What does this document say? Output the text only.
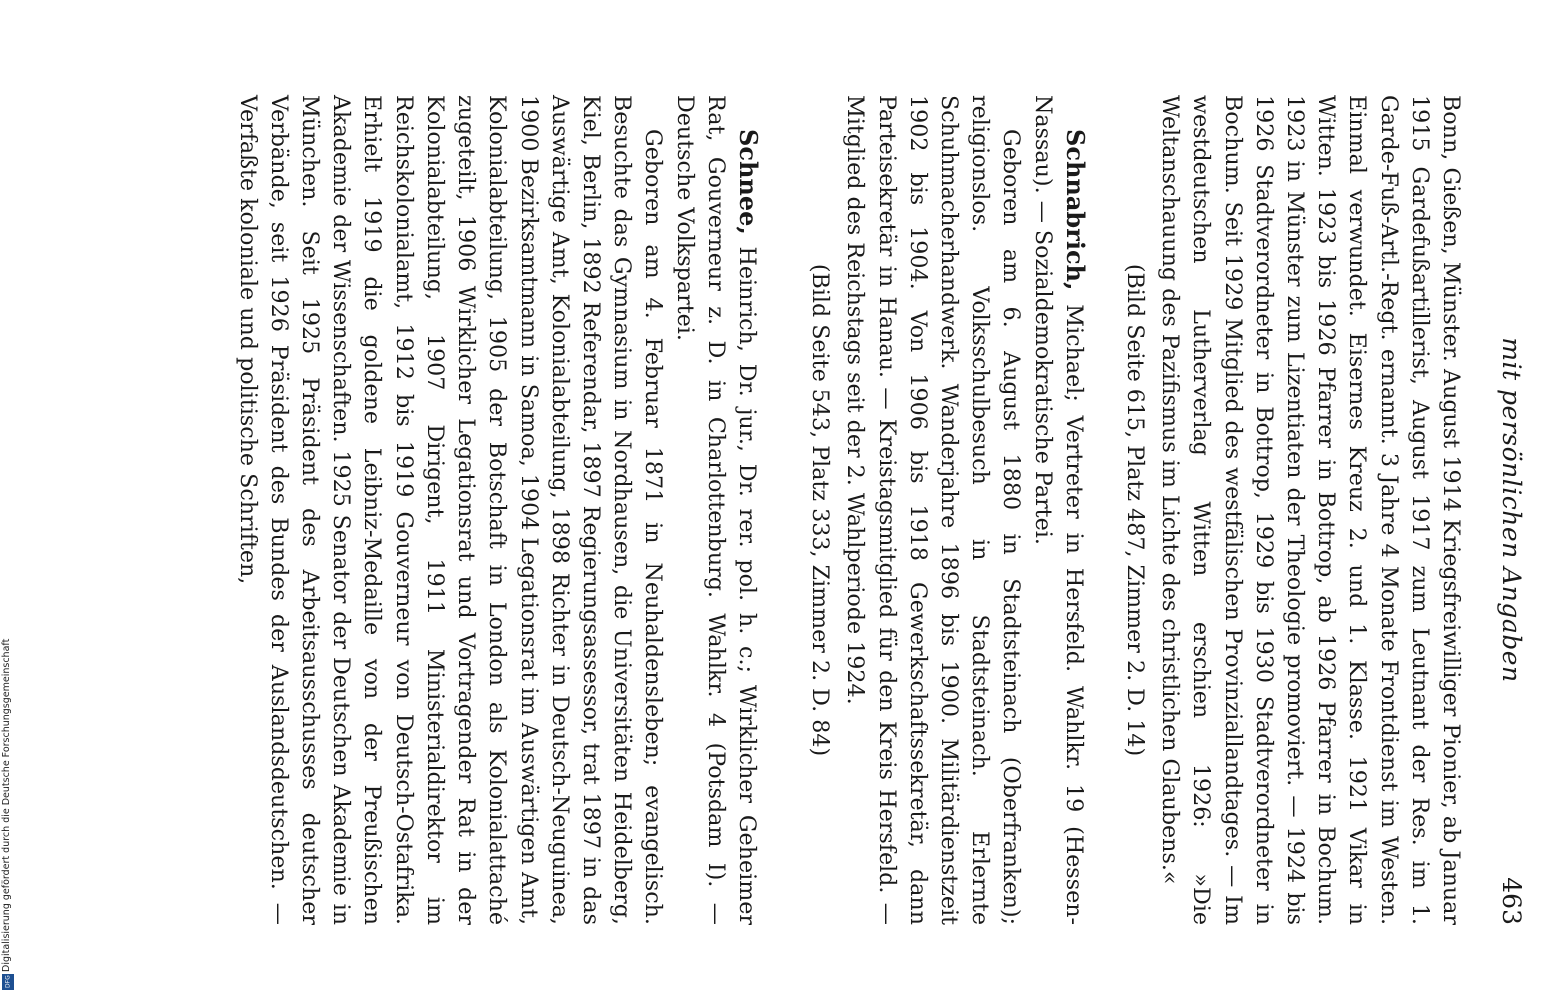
mit persönlichen Angaben
463

Bonn, Gießen, Münster. August 1914 Kriegsfreiwilliger Pionier, ab Januar 1915 Gardefußartillerist, August 1917 zum Leutnant der Res. im 1. Garde-Fuß-Artl.-Regt. ernannt. 3 Jahre 4 Monate Frontdienst im Westen. Einmal verwundet. Eisernes Kreuz 2. und 1. Klasse. 1921 Vikar in Witten. 1923 bis 1926 Pfarrer in Bottrop, ab 1926 Pfarrer in Bochum. 1923 in Münster zum Lizentiaten der Theologie promoviert. — 1924 bis 1926 Stadtverordneter in Bottrop, 1929 bis 1930 Stadtverordneter in Bochum. Seit 1929 Mitglied des westfälischen Provinziallandtages. — Im westdeutschen Lutherverlag Witten erschien 1926: »Die Weltanschauung des Pazifismus im Lichte des christlichen Glaubens.«

(Bild Seite 615, Platz 487, Zimmer 2. D. 14)

Schnabrich, Michael; Vertreter in Hersfeld. Wahlkr. 19 (Hessen-Nassau). — Sozialdemokratische Partei.

Geboren am 6. August 1880 in Stadtsteinach (Oberfranken); religionslos. Volksschulbesuch in Stadtsteinach. Erlernte Schuhmacherhandwerk. Wanderjahre 1896 bis 1900. Militärdienstzeit 1902 bis 1904. Von 1906 bis 1918 Gewerkschaftssekretär, dann Parteisekretär in Hanau. — Kreistagsmitglied für den Kreis Hersfeld. — Mitglied des Reichstags seit der 2. Wahlperiode 1924.

(Bild Seite 543, Platz 333, Zimmer 2. D. 84)

Schnee, Heinrich, Dr. jur., Dr. rer. pol. h. c.; Wirklicher Geheimer Rat, Gouverneur z. D. in Charlottenburg. Wahlkr. 4 (Potsdam I). — Deutsche Volkspartei.

Geboren am 4. Februar 1871 in Neuhaldensleben; evangelisch. Besuchte das Gymnasium in Nordhausen, die Universitäten Heidelberg, Kiel, Berlin, 1892 Referendar, 1897 Regierungsassessor, trat 1897 in das Auswärtige Amt, Kolonialabteilung, 1898 Richter in Deutsch-Neuguinea, 1900 Bezirksamtmann in Samoa, 1904 Legationsrat im Auswärtigen Amt, Kolonialabteilung, 1905 der Botschaft in London als Kolonialattaché zugeteilt, 1906 Wirklicher Legationsrat und Vortragender Rat in der Kolonialabteilung, 1907 Dirigent, 1911 Ministerialdirektor im Reichskolonialamt, 1912 bis 1919 Gouverneur von Deutsch-Ostafrika. Erhielt 1919 die goldene Leibniz-Medaille von der Preußischen Akademie der Wissenschaften. 1925 Senator der Deutschen Akademie in München. Seit 1925 Präsident des Arbeitsausschusses deutscher Verbände, seit 1926 Präsident des Bundes der Auslandsdeutschen. — Verfaßte koloniale und politische Schriften,

Digitalisierung gefördert durch die Deutsche Forschungsgemeinschaft
DFG
